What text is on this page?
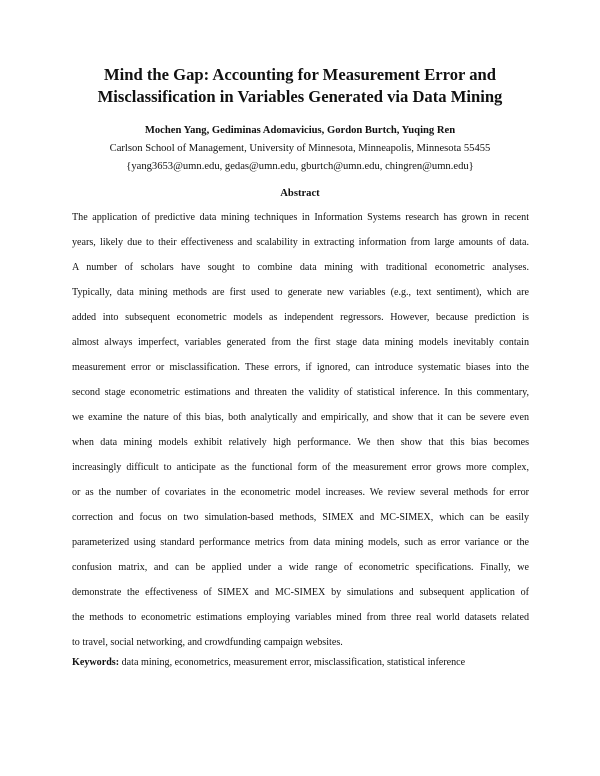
Mind the Gap: Accounting for Measurement Error and
Misclassification in Variables Generated via Data Mining
Mochen Yang, Gediminas Adomavicius, Gordon Burtch, Yuqing Ren
Carlson School of Management, University of Minnesota, Minneapolis, Minnesota 55455
{yang3653@umn.edu, gedas@umn.edu, gburtch@umn.edu, chingren@umn.edu}
Abstract
The application of predictive data mining techniques in Information Systems research has grown in recent
years, likely due to their effectiveness and scalability in extracting information from large amounts of data.
A number of scholars have sought to combine data mining with traditional econometric analyses.
Typically, data mining methods are first used to generate new variables (e.g., text sentiment), which are
added into subsequent econometric models as independent regressors. However, because prediction is
almost always imperfect, variables generated from the first stage data mining models inevitably contain
measurement error or misclassification. These errors, if ignored, can introduce systematic biases into the
second stage econometric estimations and threaten the validity of statistical inference. In this commentary,
we examine the nature of this bias, both analytically and empirically, and show that it can be severe even
when data mining models exhibit relatively high performance. We then show that this bias becomes
increasingly difficult to anticipate as the functional form of the measurement error grows more complex,
or as the number of covariates in the econometric model increases. We review several methods for error
correction and focus on two simulation-based methods, SIMEX and MC-SIMEX, which can be easily
parameterized using standard performance metrics from data mining models, such as error variance or the
confusion matrix, and can be applied under a wide range of econometric specifications. Finally, we
demonstrate the effectiveness of SIMEX and MC-SIMEX by simulations and subsequent application of
the methods to econometric estimations employing variables mined from three real world datasets related
to travel, social networking, and crowdfunding campaign websites.
Keywords: data mining, econometrics, measurement error, misclassification, statistical inference
